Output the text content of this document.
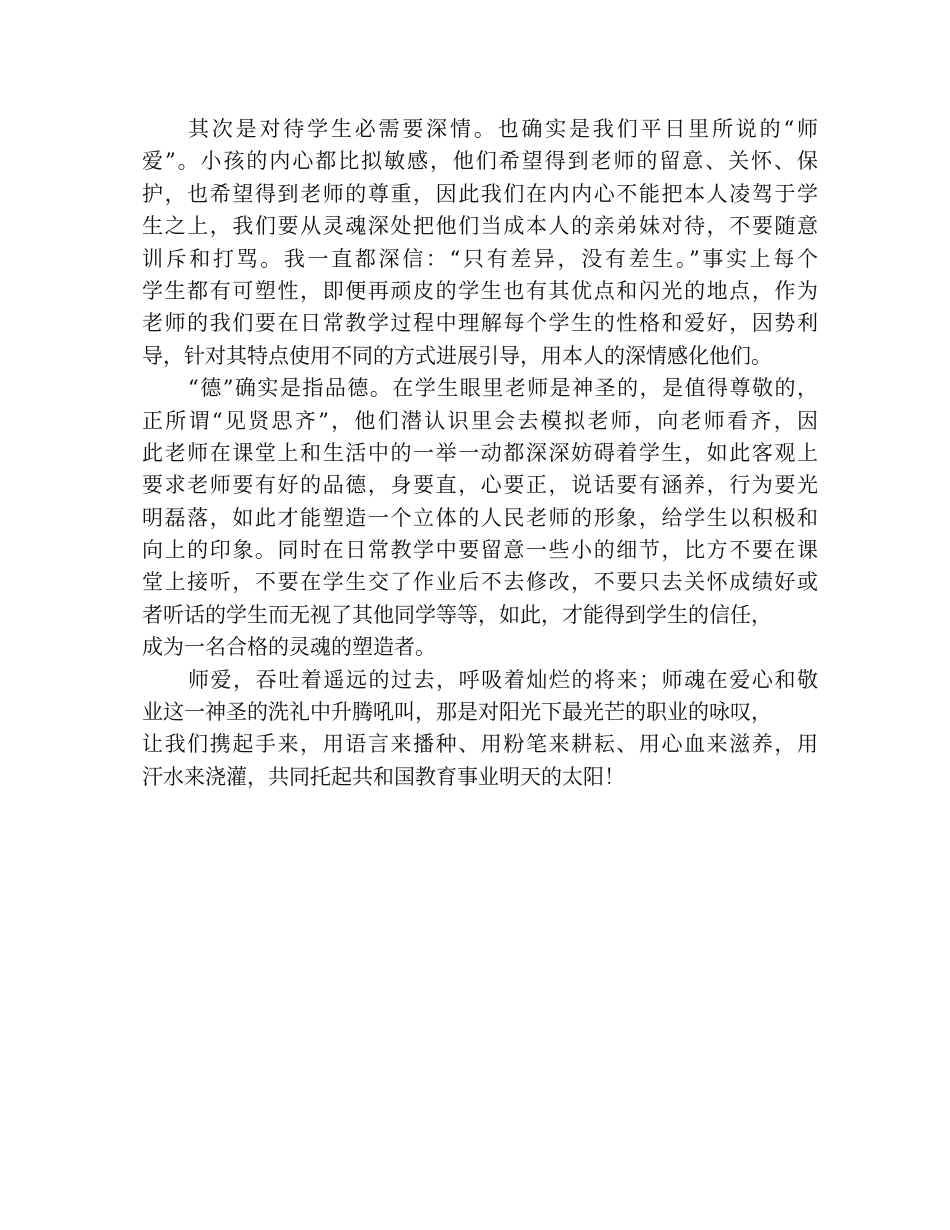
其次是对待学生必需要深情。也确实是我们平日里所说的“师
爱”。小孩的内心都比拟敏感，他们希望得到老师的留意、关怀、保
护，也希望得到老师的尊重，因此我们在内内心不能把本人凌驾于学
生之上，我们要从灵魂深处把他们当成本人的亲弟妹对待，不要随意
训斥和打骂。我一直都深信：“只有差异，没有差生。”事实上每个
学生都有可塑性，即便再顽皮的学生也有其优点和闪光的地点，作为
老师的我们要在日常教学过程中理解每个学生的性格和爱好，因势利
导，针对其特点使用不同的方式进展引导，用本人的深情感化他们。
“德”确实是指品德。在学生眼里老师是神圣的，是值得尊敬的，
正所谓“见贤思齐”，他们潜认识里会去模拟老师，向老师看齐，因
此老师在课堂上和生活中的一举一动都深深妨碍着学生，如此客观上
要求老师要有好的品德，身要直，心要正，说话要有涵养，行为要光
明磊落，如此才能塑造一个立体的人民老师的形象，给学生以积极和
向上的印象。同时在日常教学中要留意一些小的细节，比方不要在课
堂上接听，不要在学生交了作业后不去修改，不要只去关怀成绩好或
者听话的学生而无视了其他同学等等，如此，才能得到学生的信任，
成为一名合格的灵魂的塑造者。
师爱，吞吐着遥远的过去，呼吸着灿烂的将来；师魂在爱心和敬
业这一神圣的洗礼中升腾吼叫，那是对阳光下最光芒的职业的咏叹，
让我们携起手来，用语言来播种、用粉笔来耕耘、用心血来滋养，用
汗水来浇灌，共同托起共和国教育事业明天的太阳！
